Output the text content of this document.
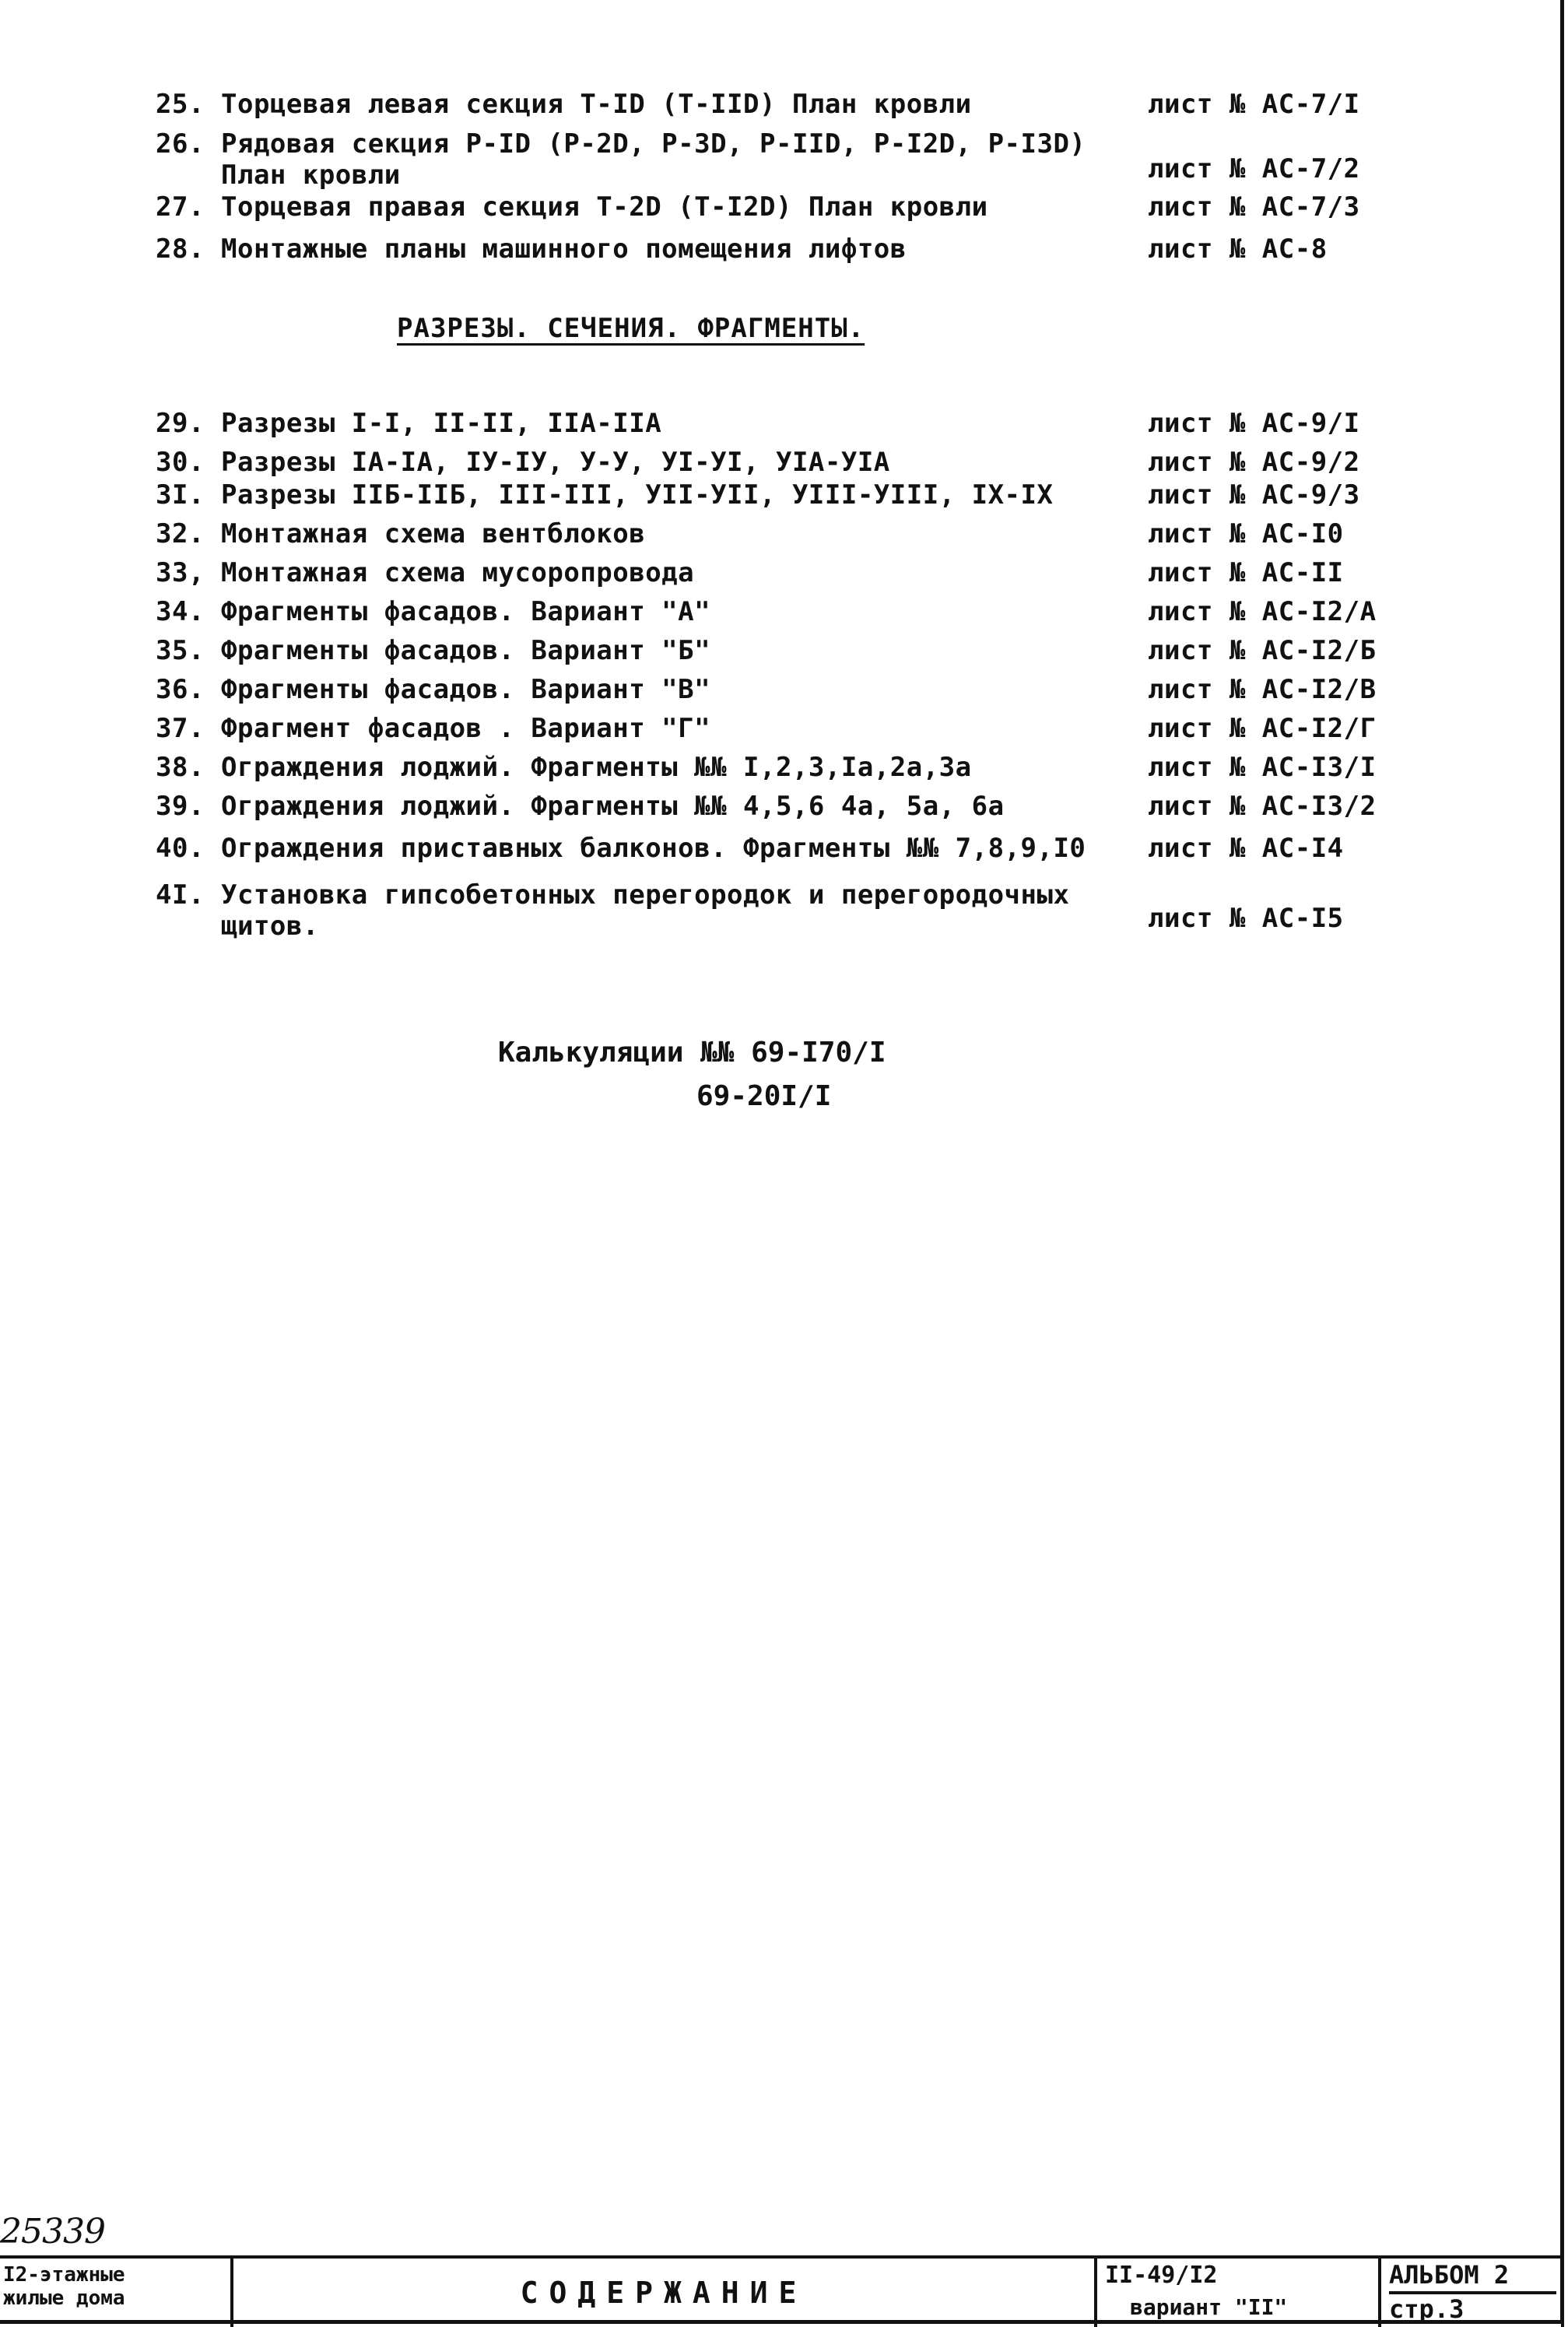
25. Торцевая левая секция Т-ID (Т-IID) План кровли	лист № АС-7/I
26. Рядовая секция Р-ID (Р-2D, Р-3D, Р-IID, Р-I2D, Р-I3D)
План кровли	лист № АС-7/2
27. Торцевая правая секция Т-2D (Т-I2D) План кровли	лист № АС-7/3
28. Монтажные планы машинного помещения лифтов	лист № АС-8
РАЗРЕЗЫ. СЕЧЕНИЯ. ФРАГМЕНТЫ.
29. Разрезы I-I, II-II, IIА-IIА	лист № АС-9/I
30. Разрезы IА-IА, IУ-IУ, У-У, УI-УI, УIА-УIА	лист № АС-9/2
3I. Разрезы IIБ-IIБ, III-III, УII-УII, УIII-УIII, IX-IX	лист № АС-9/3
32. Монтажная схема вентблоков	лист № АС-I0
33, Монтажная схема мусоропровода	лист № АС-II
34. Фрагменты фасадов. Вариант "А"	лист № АС-I2/А
35. Фрагменты фасадов. Вариант "Б"	лист № АС-I2/Б
36. Фрагменты фасадов. Вариант "В"	лист № АС-I2/В
37. Фрагмент фасадов . Вариант "Г"	лист № АС-I2/Г
38. Ограждения лоджий. Фрагменты №№ I,2,3,Iа,2а,3а	лист № АС-I3/I
39. Ограждения лоджий. Фрагменты №№ 4,5,6 4а, 5а, 6а	лист № АС-I3/2
40. Ограждения приставных балконов. Фрагменты №№ 7,8,9,I0	лист № АС-I4
4I. Установка гипсобетонных перегородок и перегородочных
щитов.	лист № АС-I5
Калькуляции №№ 69-I70/I
69-20I/I
25339
I2-этажные
жилые дома	СОДЕРЖАНИЕ
II-49/I2
вариант "II"
АЛЬБОМ 2
стр.3
